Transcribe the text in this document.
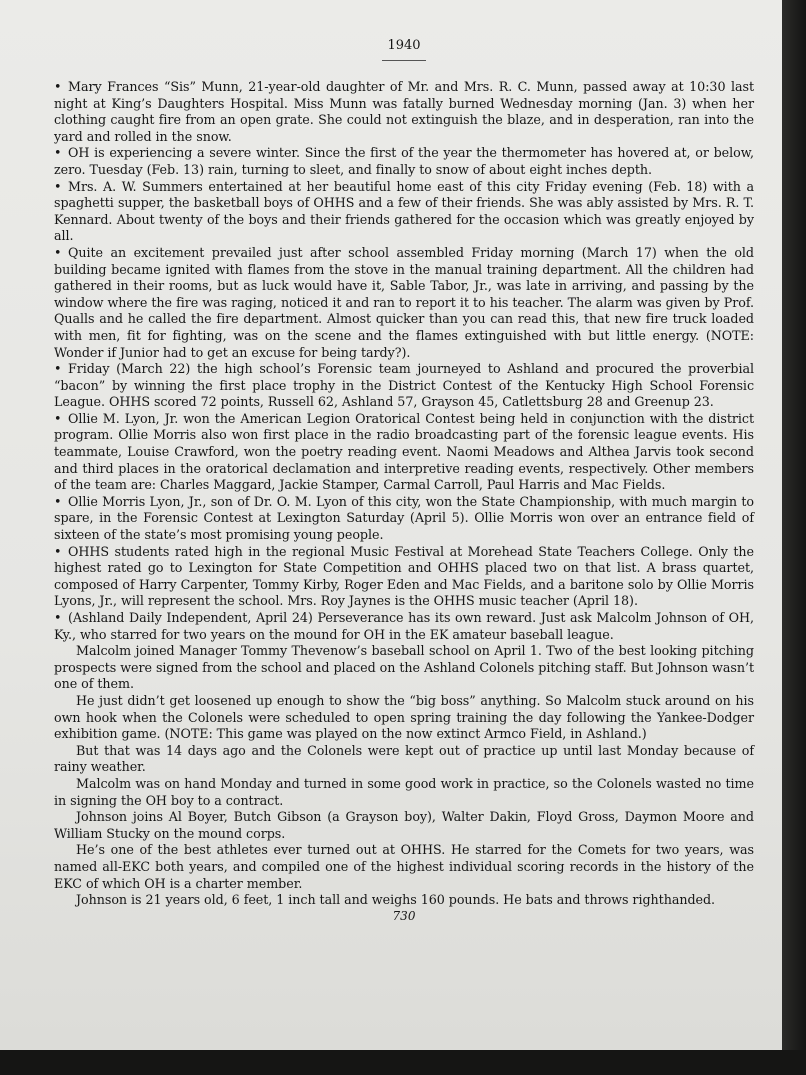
1940

• Mary Frances “Sis” Munn, 21-year-old daughter of Mr. and Mrs. R. C. Munn, passed away at 10:30 last night at King’s Daughters Hospital. Miss Munn was fatally burned Wednesday morning (Jan. 3) when her clothing caught fire from an open grate. She could not extinguish the blaze, and in desperation, ran into the yard and rolled in the snow.

• OH is experiencing a severe winter. Since the first of the year the thermometer has hovered at, or below, zero. Tuesday (Feb. 13) rain, turning to sleet, and finally to snow of about eight inches depth.

• Mrs. A. W. Summers entertained at her beautiful home east of this city Friday evening (Feb. 18) with a spaghetti supper, the basketball boys of OHHS and a few of their friends. She was ably assisted by Mrs. R. T. Kennard. About twenty of the boys and their friends gathered for the occasion which was greatly enjoyed by all.

• Quite an excitement prevailed just after school assembled Friday morning (March 17) when the old building became ignited with flames from the stove in the manual training department. All the children had gathered in their rooms, but as luck would have it, Sable Tabor, Jr., was late in arriving, and passing by the window where the fire was raging, noticed it and ran to report it to his teacher. The alarm was given by Prof. Qualls and he called the fire department. Almost quicker than you can read this, that new fire truck loaded with men, fit for fighting, was on the scene and the flames extinguished with but little energy. (NOTE: Wonder if Junior had to get an excuse for being tardy?).

• Friday (March 22) the high school’s Forensic team journeyed to Ashland and procured the proverbial “bacon” by winning the first place trophy in the District Contest of the Kentucky High School Forensic League. OHHS scored 72 points, Russell 62, Ashland 57, Grayson 45, Catlettsburg 28 and Greenup 23.

• Ollie M. Lyon, Jr. won the American Legion Oratorical Contest being held in conjunction with the district program. Ollie Morris also won first place in the radio broadcasting part of the forensic league events. His teammate, Louise Crawford, won the poetry reading event. Naomi Meadows and Althea Jarvis took second and third places in the oratorical declamation and interpretive reading events, respectively. Other members of the team are: Charles Maggard, Jackie Stamper, Carmal Carroll, Paul Harris and Mac Fields.

• Ollie Morris Lyon, Jr., son of Dr. O. M. Lyon of this city, won the State Championship, with much margin to spare, in the Forensic Contest at Lexington Saturday (April 5). Ollie Morris won over an entrance field of sixteen of the state’s most promising young people.

• OHHS students rated high in the regional Music Festival at Morehead State Teachers College. Only the highest rated go to Lexington for State Competition and OHHS placed two on that list. A brass quartet, composed of Harry Carpenter, Tommy Kirby, Roger Eden and Mac Fields, and a baritone solo by Ollie Morris Lyons, Jr., will represent the school. Mrs. Roy Jaynes is the OHHS music teacher (April 18).

• (Ashland Daily Independent, April 24) Perseverance has its own reward. Just ask Malcolm Johnson of OH, Ky., who starred for two years on the mound for OH in the EK amateur baseball league.

Malcolm joined Manager Tommy Thevenow’s baseball school on April 1. Two of the best looking pitching prospects were signed from the school and placed on the Ashland Colonels pitching staff. But Johnson wasn’t one of them.

He just didn’t get loosened up enough to show the “big boss” anything. So Malcolm stuck around on his own hook when the Colonels were scheduled to open spring training the day following the Yankee-Dodger exhibition game. (NOTE: This game was played on the now extinct Armco Field, in Ashland.)

But that was 14 days ago and the Colonels were kept out of practice up until last Monday because of rainy weather.

Malcolm was on hand Monday and turned in some good work in practice, so the Colonels wasted no time in signing the OH boy to a contract.

Johnson joins Al Boyer, Butch Gibson (a Grayson boy), Walter Dakin, Floyd Gross, Daymon Moore and William Stucky on the mound corps.

He’s one of the best athletes ever turned out at OHHS. He starred for the Comets for two years, was named all-EKC both years, and compiled one of the highest individual scoring records in the history of the EKC of which OH is a charter member.

Johnson is 21 years old, 6 feet, 1 inch tall and weighs 160 pounds. He bats and throws righthanded.

730
